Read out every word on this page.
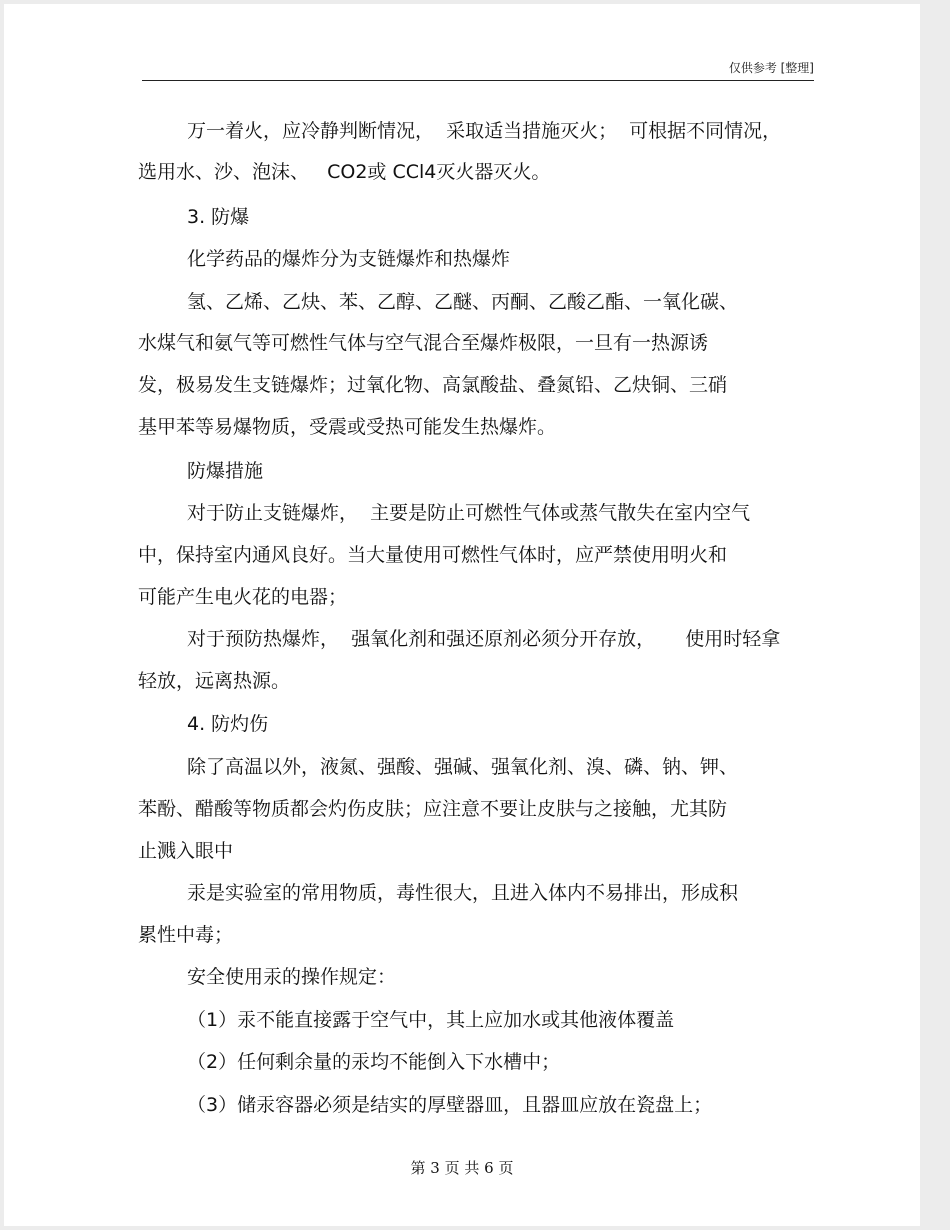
仅供参考 [整理]
万一着火，应冷静判断情况，  采取适当措施灭火；  可根据不同情况，
选用水、沙、泡沫、   CO2或 CCl4灭火器灭火。
3. 防爆
化学药品的爆炸分为支链爆炸和热爆炸
氢、乙烯、乙炔、苯、乙醇、乙醚、丙酮、乙酸乙酯、一氧化碳、
水煤气和氨气等可燃性气体与空气混合至爆炸极限，一旦有一热源诱
发，极易发生支链爆炸；过氧化物、高氯酸盐、叠氮铅、乙炔铜、三硝
基甲苯等易爆物质，受震或受热可能发生热爆炸。
防爆措施
对于防止支链爆炸，  主要是防止可燃性气体或蒸气散失在室内空气
中，保持室内通风良好。当大量使用可燃性气体时，应严禁使用明火和
可能产生电火花的电器；
对于预防热爆炸，  强氧化剂和强还原剂必须分开存放，     使用时轻拿
轻放，远离热源。
4. 防灼伤
除了高温以外，液氮、强酸、强碱、强氧化剂、溴、磷、钠、钾、
苯酚、醋酸等物质都会灼伤皮肤；应注意不要让皮肤与之接触，尤其防
止溅入眼中
汞是实验室的常用物质，毒性很大，且进入体内不易排出，形成积
累性中毒；
安全使用汞的操作规定：
（1）汞不能直接露于空气中，其上应加水或其他液体覆盖
（2）任何剩余量的汞均不能倒入下水槽中；
（3）储汞容器必须是结实的厚壁器皿，且器皿应放在瓷盘上；
第 3 页 共 6 页
